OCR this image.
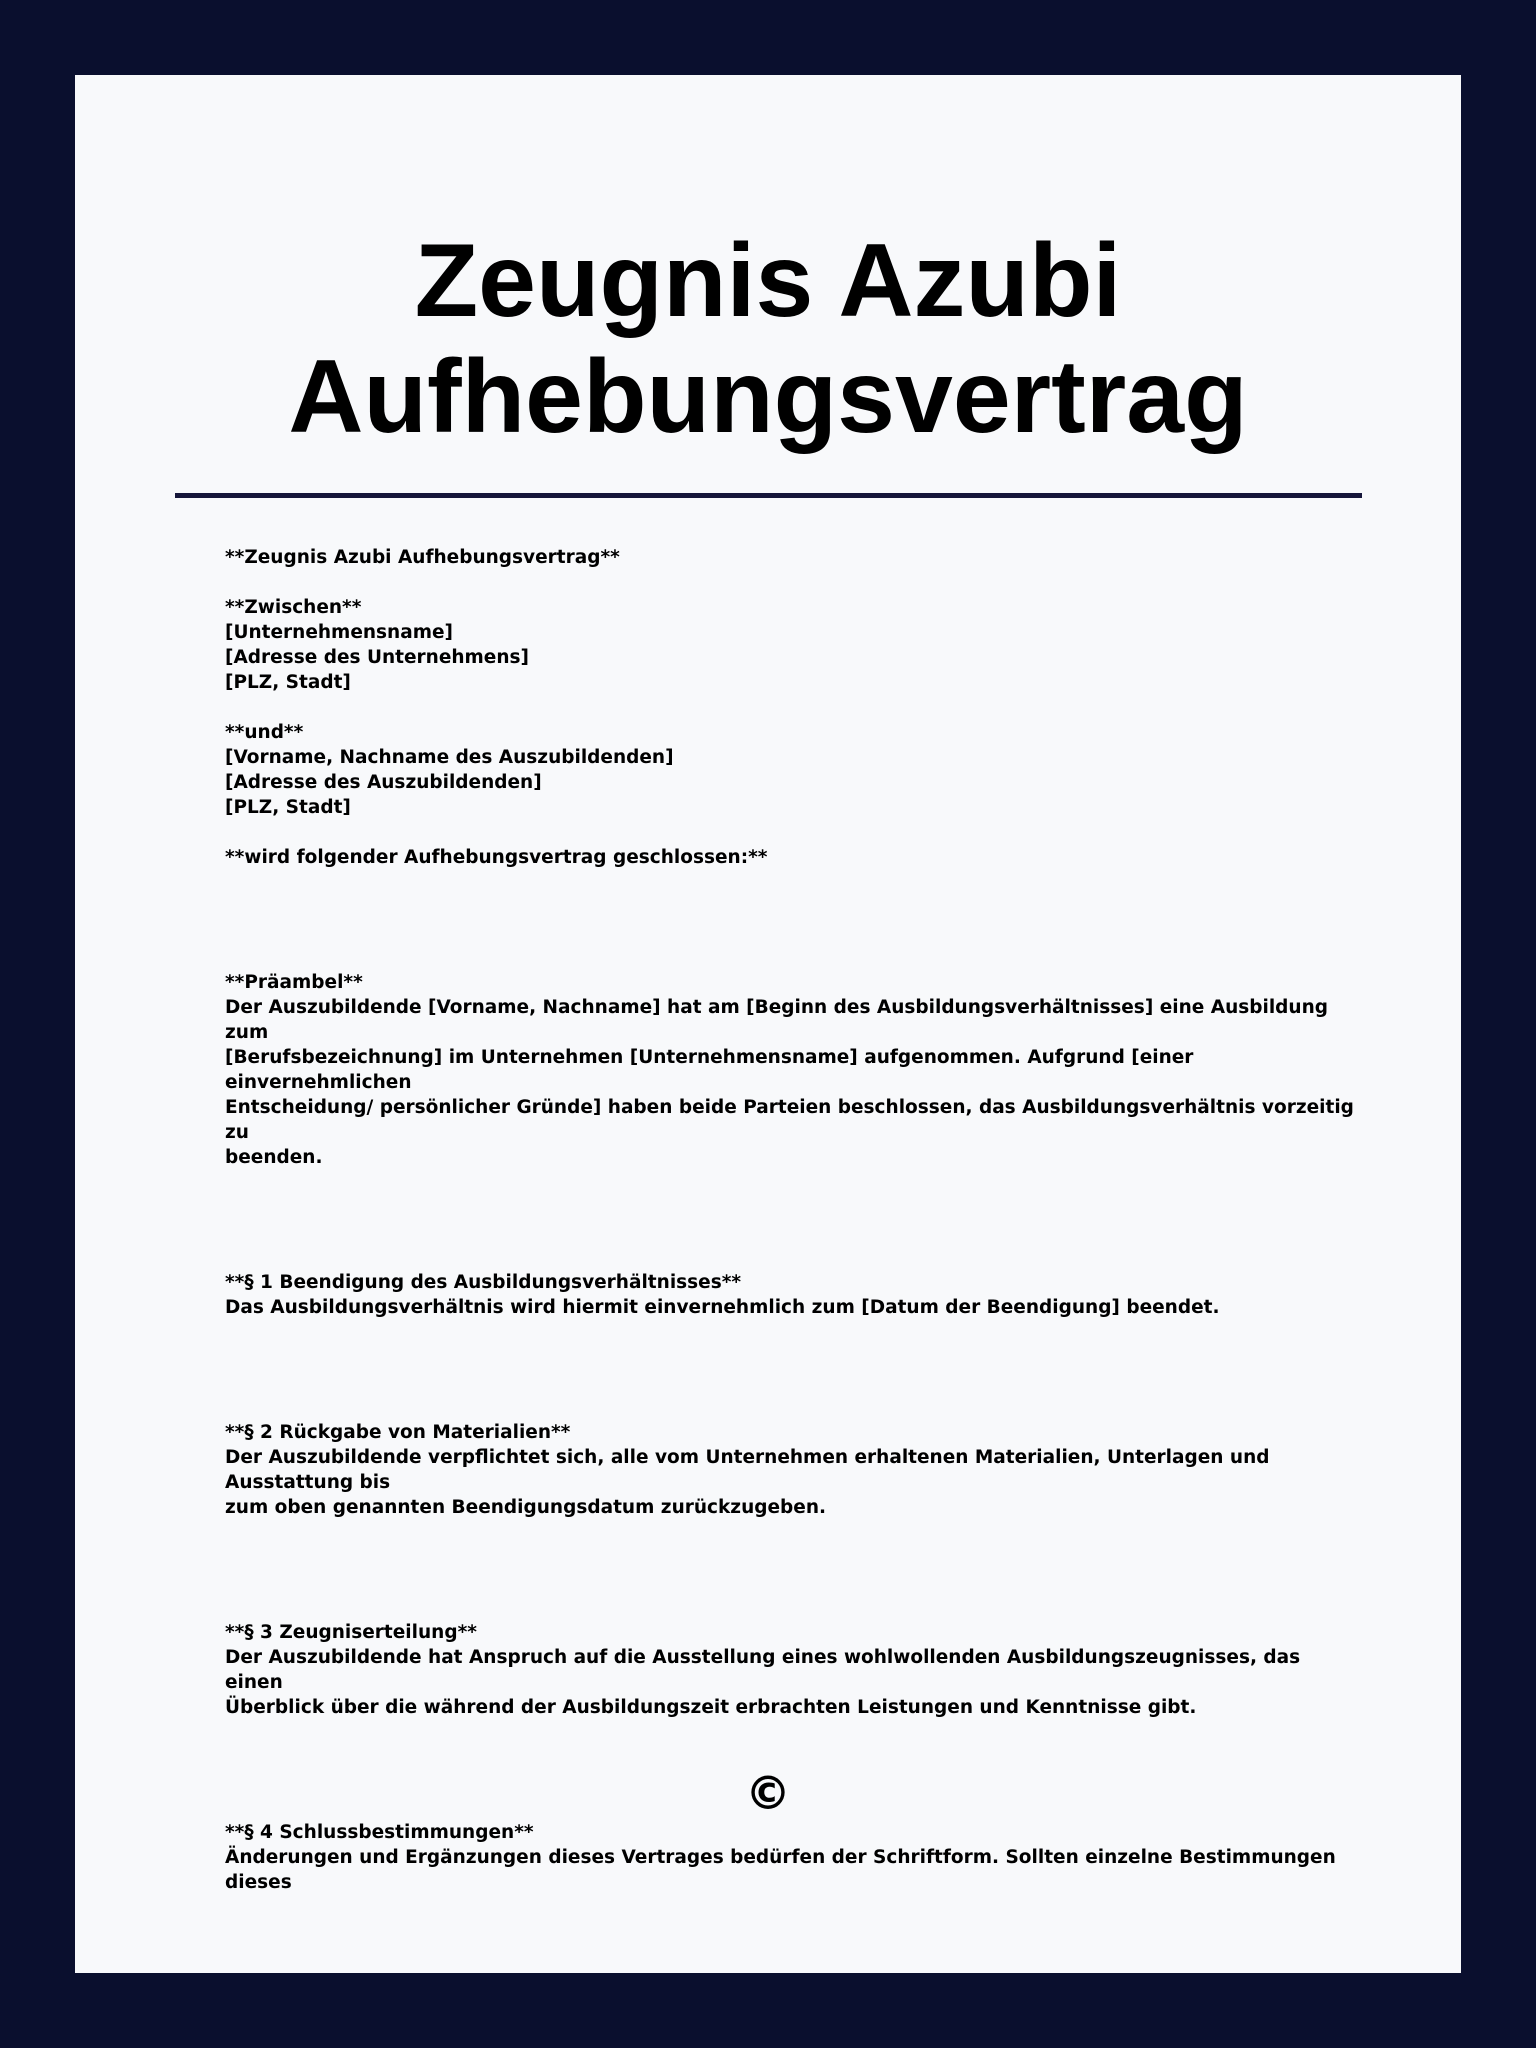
Zeugnis Azubi Aufhebungsvertrag
**Zeugnis Azubi Aufhebungsvertrag**

**Zwischen**
[Unternehmensname]
[Adresse des Unternehmens]
[PLZ, Stadt]

**und**
[Vorname, Nachname des Auszubildenden]
[Adresse des Auszubildenden]
[PLZ, Stadt]

**wird folgender Aufhebungsvertrag geschlossen:**

**Präambel**
Der Auszubildende [Vorname, Nachname] hat am [Beginn des Ausbildungsverhältnisses] eine Ausbildung zum
[Berufsbezeichnung] im Unternehmen [Unternehmensname] aufgenommen. Aufgrund [einer einvernehmlichen
Entscheidung/ persönlicher Gründe] haben beide Parteien beschlossen, das Ausbildungsverhältnis vorzeitig zu
beenden.

**§ 1 Beendigung des Ausbildungsverhältnisses**
Das Ausbildungsverhältnis wird hiermit einvernehmlich zum [Datum der Beendigung] beendet.

**§ 2 Rückgabe von Materialien**
Der Auszubildende verpflichtet sich, alle vom Unternehmen erhaltenen Materialien, Unterlagen und Ausstattung bis
zum oben genannten Beendigungsdatum zurückzugeben.

**§ 3 Zeugniserteilung**
Der Auszubildende hat Anspruch auf die Ausstellung eines wohlwollenden Ausbildungszeugnisses, das einen
Überblick über die während der Ausbildungszeit erbrachten Leistungen und Kenntnisse gibt.

**§ 4 Schlussbestimmungen**
Änderungen und Ergänzungen dieses Vertrages bedürfen der Schriftform. Sollten einzelne Bestimmungen dieses
©
